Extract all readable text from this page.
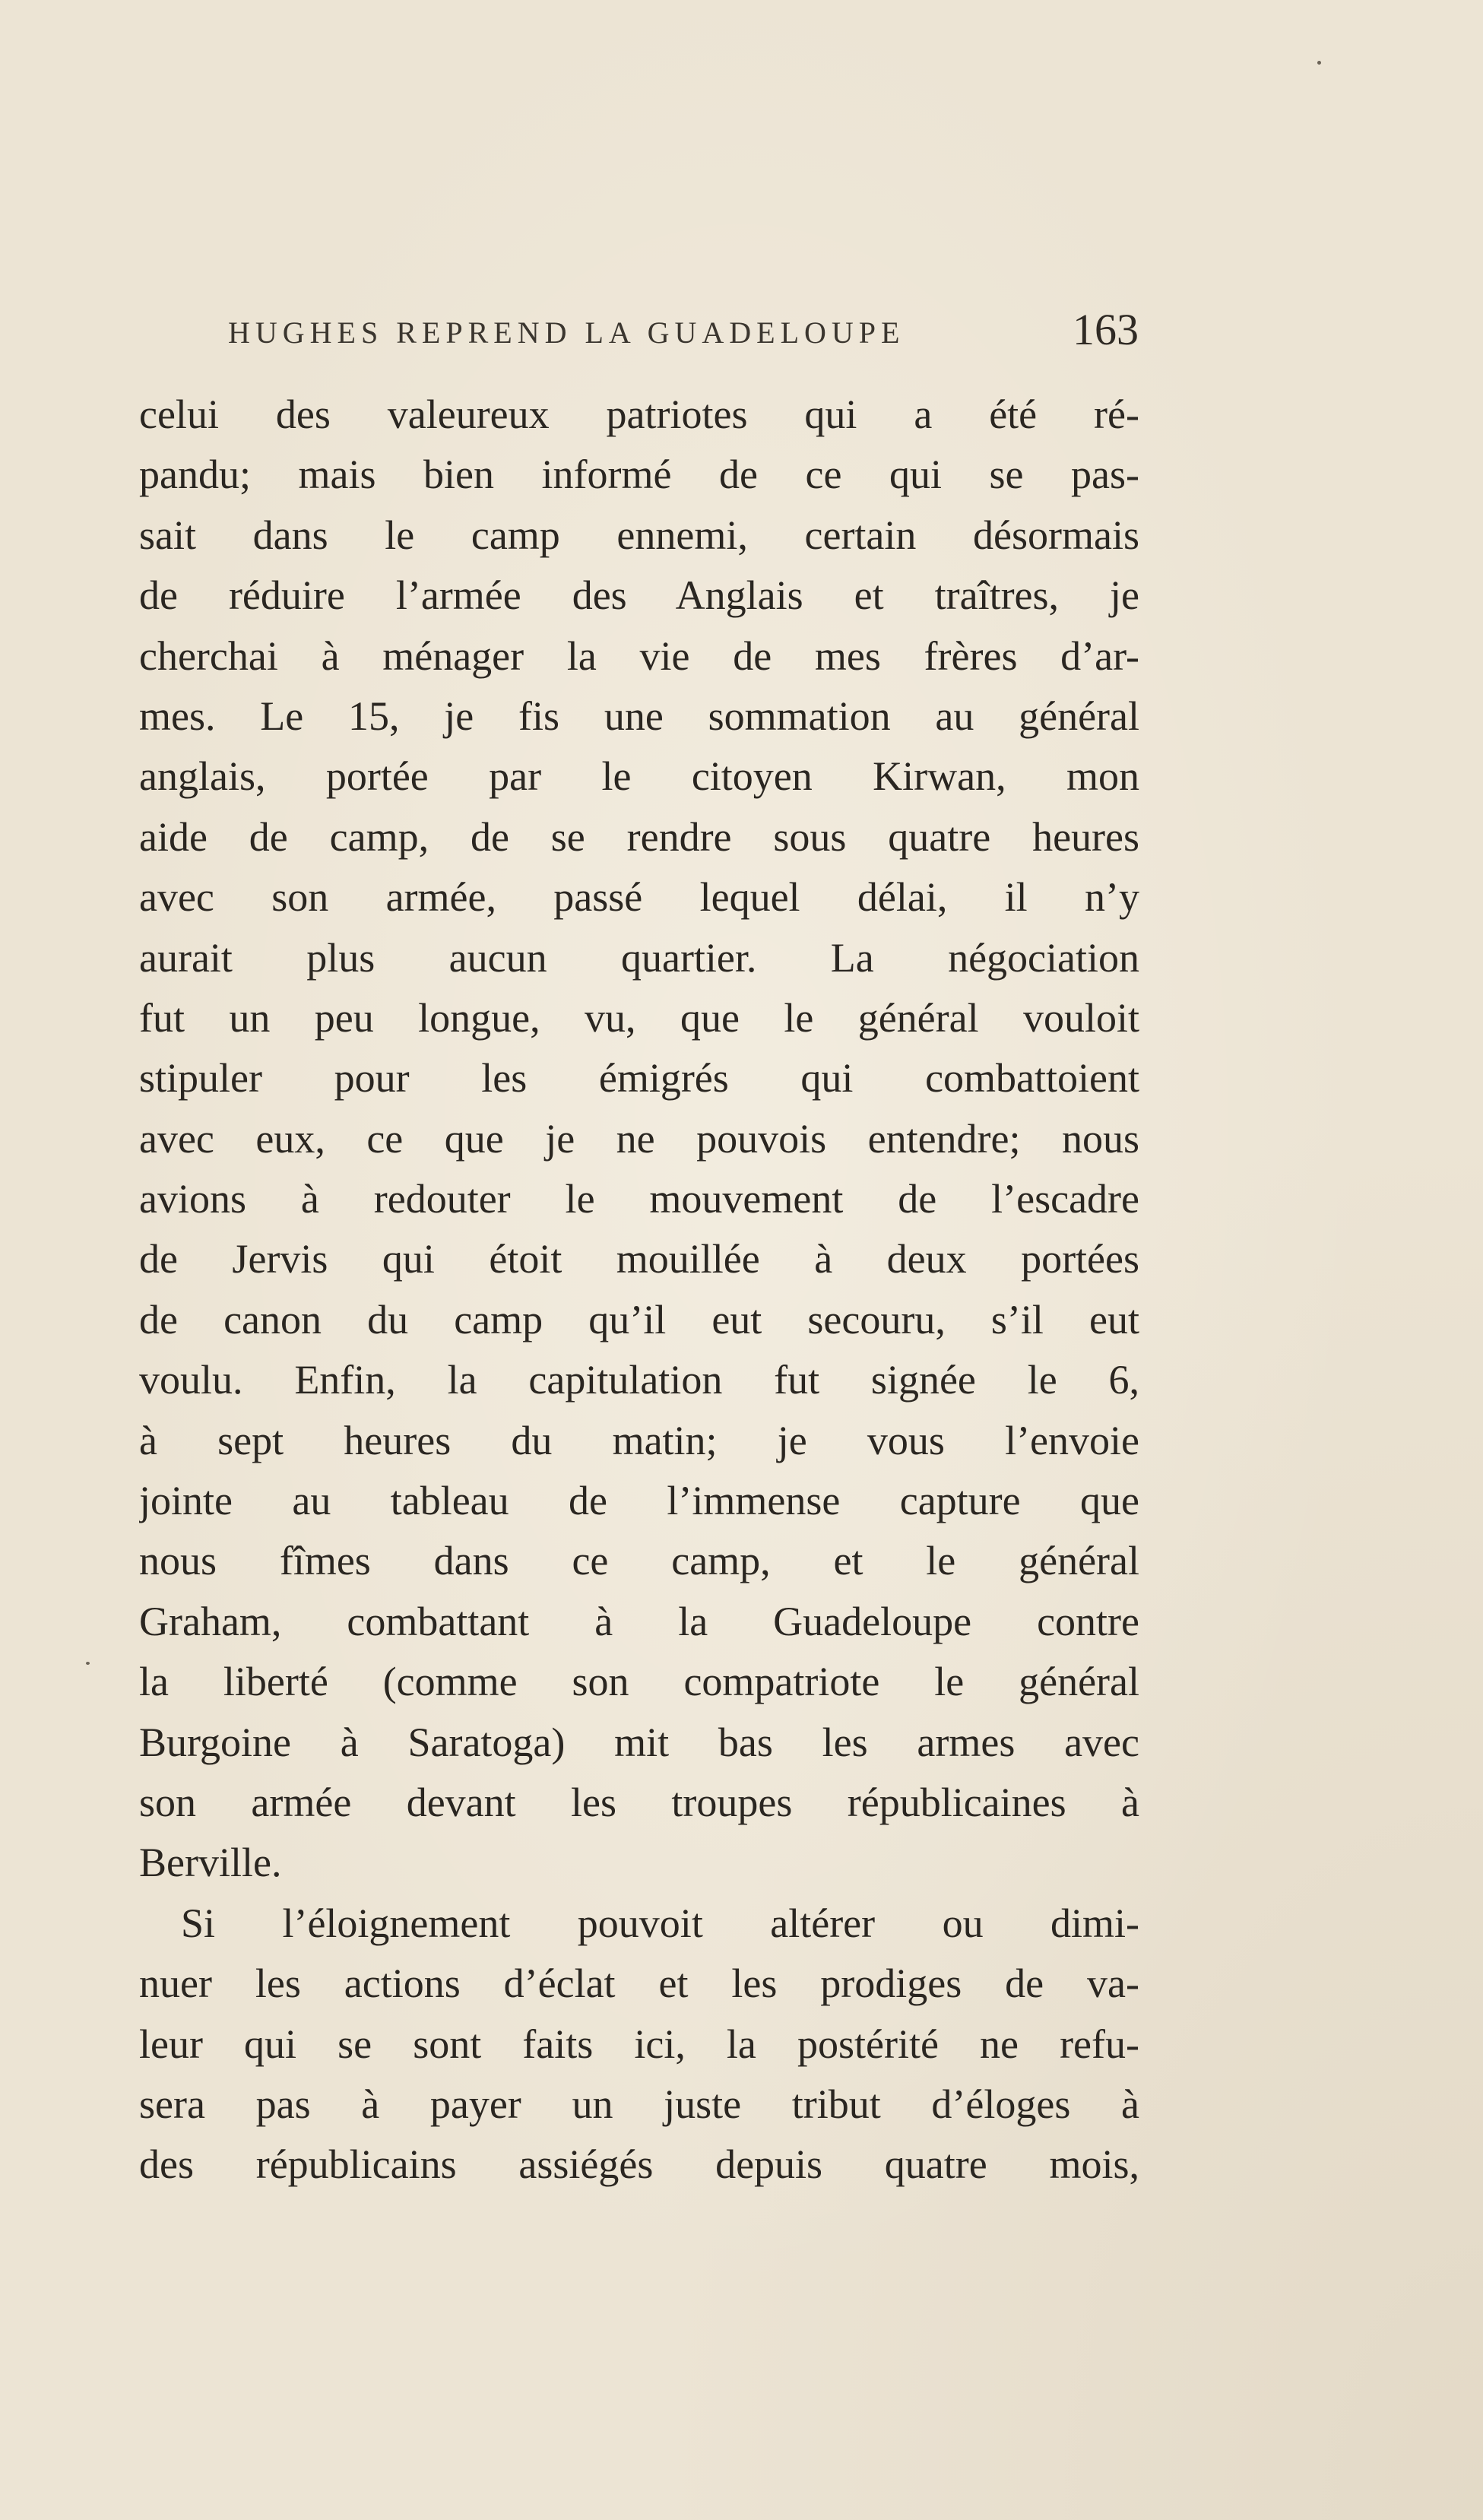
HUGHES REPREND LA GUADELOUPE	163
celui des valeureux patriotes qui a été ré-
pandu; mais bien informé de ce qui se pas-
sait dans le camp ennemi, certain désormais
de réduire l’armée des Anglais et traîtres, je
cherchai à ménager la vie de mes frères d’ar-
mes. Le 15, je fis une sommation au général
anglais, portée par le citoyen Kirwan, mon
aide de camp, de se rendre sous quatre heures
avec son armée, passé lequel délai, il n’y
aurait plus aucun quartier. La négociation
fut un peu longue, vu, que le général vouloit
stipuler pour les émigrés qui combattoient
avec eux, ce que je ne pouvois entendre; nous
avions à redouter le mouvement de l’escadre
de Jervis qui étoit mouillée à deux portées
de canon du camp qu’il eut secouru, s’il eut
voulu. Enfin, la capitulation fut signée le 6,
à sept heures du matin; je vous l’envoie
jointe au tableau de l’immense capture que
nous fîmes dans ce camp, et le général
Graham, combattant à la Guadeloupe contre
la liberté (comme son compatriote le général
Burgoine à Saratoga) mit bas les armes avec
son armée devant les troupes républicaines à
Berville.
Si l’éloignement pouvoit altérer ou dimi-
nuer les actions d’éclat et les prodiges de va-
leur qui se sont faits ici, la postérité ne refu-
sera pas à payer un juste tribut d’éloges à
des républicains assiégés depuis quatre mois,
